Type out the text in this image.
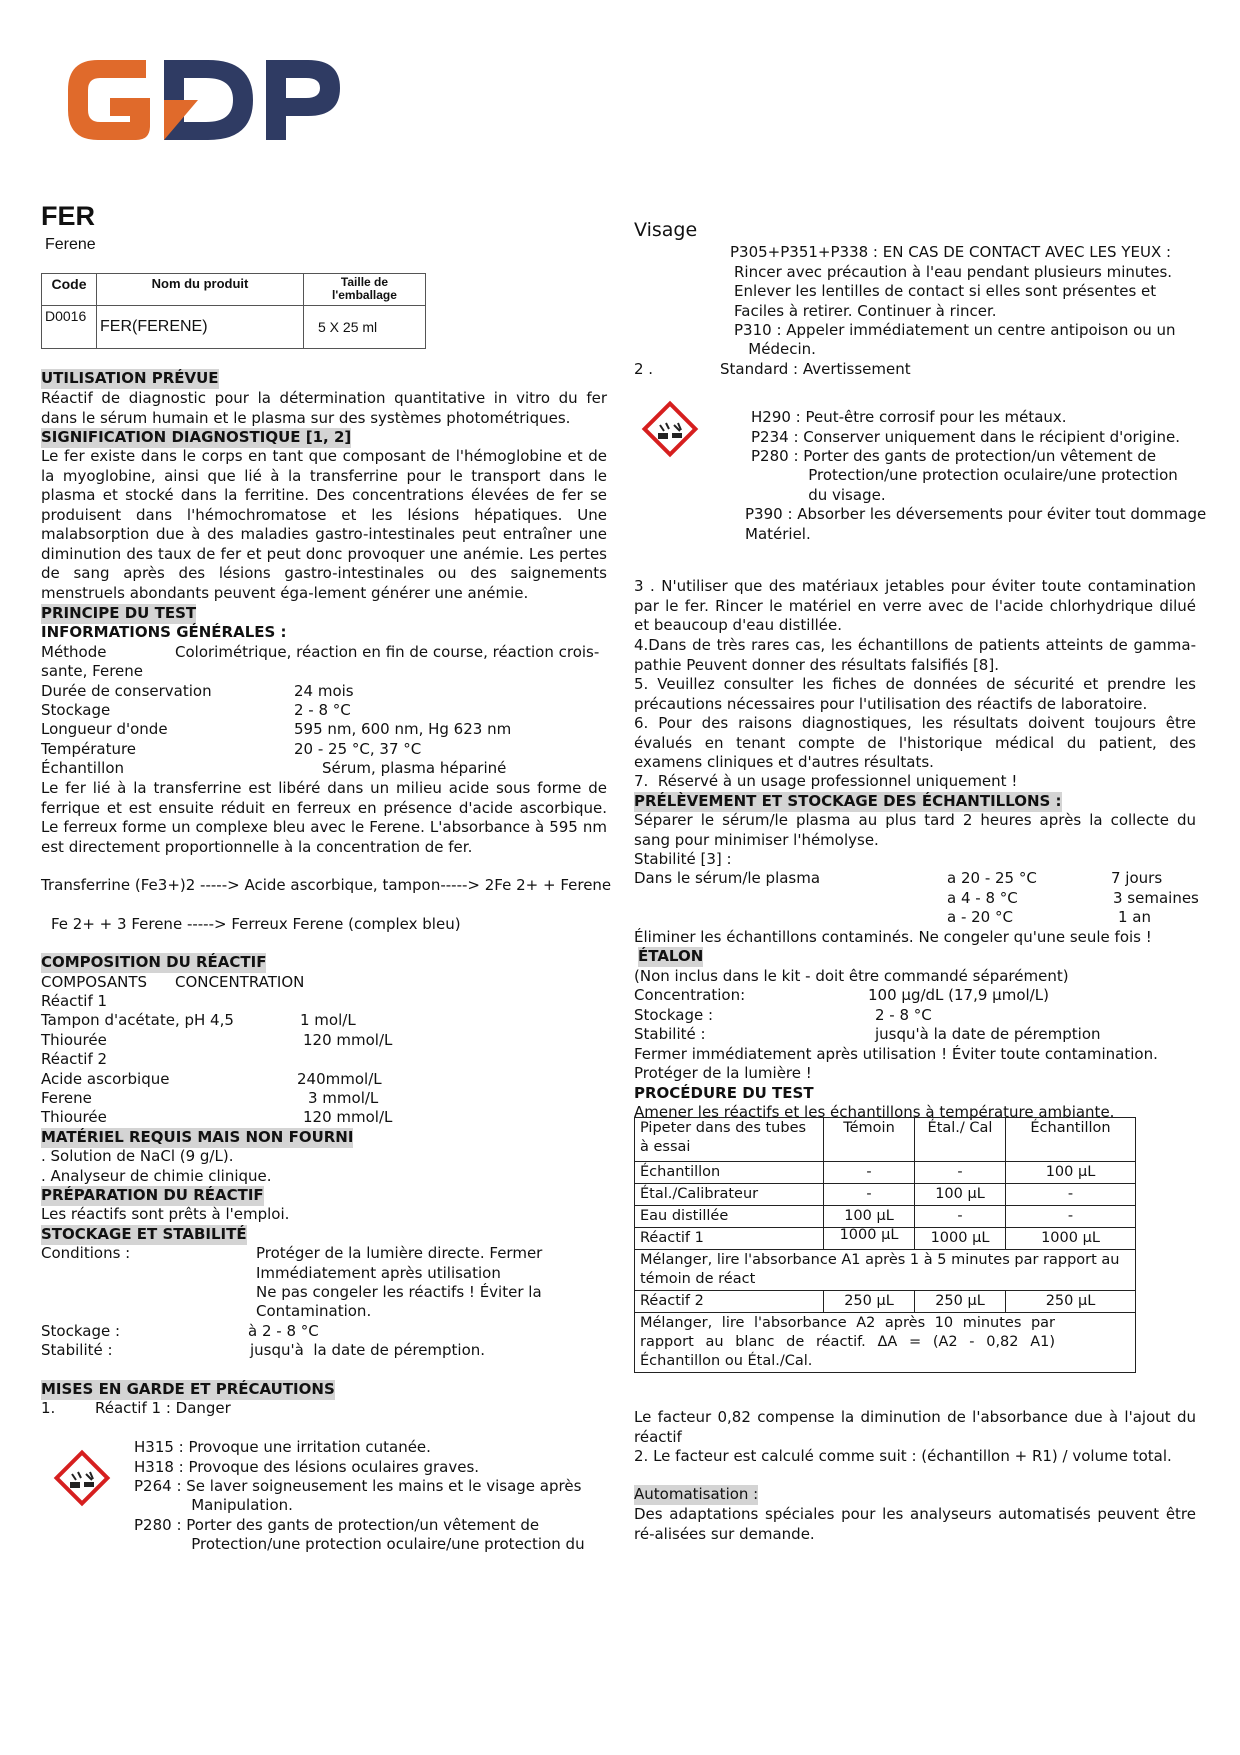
FER
Ferene
Code	Nom du produit	Taille de
l'emballage
D0016	FER(FERENE)	5 X 25 ml
UTILISATION PRÉVUE
Réactif de diagnostic pour la détermination quantitative in vitro du fer dans le sérum humain et le plasma sur des systèmes photométriques.
SIGNIFICATION DIAGNOSTIQUE [1, 2]
Le fer existe dans le corps en tant que composant de l'hémoglobine et de la myoglobine, ainsi que lié à la transferrine pour le transport dans le plasma et stocké dans la ferritine. Des concentrations élevées de fer se produisent dans l'hémochromatose et les lésions hépatiques. Une malabsorption due à des maladies gastro-intestinales peut entraîner une diminution des taux de fer et peut donc provoquer une anémie. Les pertes de sang après des lésions gastro-intestinales ou des saignements menstruels abondants peuvent éga-lement générer une anémie.
PRINCIPE DU TEST
INFORMATIONS GÉNÉRALES :
Méthode	Colorimétrique, réaction en fin de course, réaction crois-
sante, Ferene
Durée de conservation	24 mois
Stockage	2 - 8 °C
Longueur d'onde	595 nm, 600 nm, Hg 623 nm
Température	20 - 25 °C, 37 °C
Échantillon	Sérum, plasma hépariné
Le fer lié à la transferrine est libéré dans un milieu acide sous forme de ferrique et est ensuite réduit en ferreux en présence d'acide ascorbique. Le ferreux forme un complexe bleu avec le Ferene. L'absorbance à 595 nm est directement proportionnelle à la concentration de fer.
Transferrine (Fe3+)2 -----> Acide ascorbique, tampon-----> 2Fe 2+ + Ferene
Fe 2+ + 3 Ferene -----> Ferreux Ferene (complex bleu)
COMPOSITION DU RÉACTIF
COMPOSANTS CONCENTRATION
Réactif 1
Tampon d'acétate, pH 4,5	1 mol/L
Thiourée	120 mmol/L
Réactif 2
Acide ascorbique	240mmol/L
Ferene	3 mmol/L
Thiourée	120 mmol/L
MATÉRIEL REQUIS MAIS NON FOURNI
. Solution de NaCl (9 g/L).
. Analyseur de chimie clinique.
PRÉPARATION DU RÉACTIF
Les réactifs sont prêts à l'emploi.
STOCKAGE ET STABILITÉ
Conditions :	Protéger de la lumière directe. Fermer
Immédiatement après utilisation
Ne pas congeler les réactifs ! Éviter la
Contamination.
Stockage :	à 2 - 8 °C
Stabilité :	jusqu'à  la date de péremption.
MISES EN GARDE ET PRÉCAUTIONS
1.	Réactif 1 : Danger
H315 : Provoque une irritation cutanée.
H318 : Provoque des lésions oculaires graves.
P264 : Se laver soigneusement les mains et le visage après
Manipulation.
P280 : Porter des gants de protection/un vêtement de
Protection/une protection oculaire/une protection du
Visage
P305+P351+P338 : EN CAS DE CONTACT AVEC LES YEUX :
Rincer avec précaution à l'eau pendant plusieurs minutes.
Enlever les lentilles de contact si elles sont présentes et
Faciles à retirer. Continuer à rincer.
P310 : Appeler immédiatement un centre antipoison ou un
Médecin.
2 .	Standard : Avertissement
H290 : Peut-être corrosif pour les métaux.
P234 : Conserver uniquement dans le récipient d'origine.
P280 : Porter des gants de protection/un vêtement de
Protection/une protection oculaire/une protection
du visage.
P390 : Absorber les déversements pour éviter tout dommage
Matériel.
3 . N'utiliser que des matériaux jetables pour éviter toute contamination par le fer. Rincer le matériel en verre avec de l'acide chlorhydrique dilué et beaucoup d'eau distillée.
4.Dans de très rares cas, les échantillons de patients atteints de gamma-pathie Peuvent donner des résultats falsifiés [8].
5. Veuillez consulter les fiches de données de sécurité et prendre les précautions nécessaires pour l'utilisation des réactifs de laboratoire.
6. Pour des raisons diagnostiques, les résultats doivent toujours être évalués en tenant compte de l'historique médical du patient, des examens cliniques et d'autres résultats.
7.  Réservé à un usage professionnel uniquement !
PRÉLÈVEMENT ET STOCKAGE DES ÉCHANTILLONS :
Séparer le sérum/le plasma au plus tard 2 heures après la collecte du sang pour minimiser l'hémolyse.
Stabilité [3] :
Dans le sérum/le plasma	a 20 - 25 °C	7 jours
a 4 - 8 °C	3 semaines
a - 20 °C	1 an
Éliminer les échantillons contaminés. Ne congeler qu'une seule fois !
ÉTALON
(Non inclus dans le kit - doit être commandé séparément)
Concentration:	100 µg/dL (17,9 µmol/L)
Stockage :	2 - 8 °C
Stabilité :	jusqu'à la date de péremption
Fermer immédiatement après utilisation ! Éviter toute contamination.
Protéger de la lumière !
PROCÉDURE DU TEST
Amener les réactifs et les échantillons à température ambiante.
Pipeter dans des tubes à essai	Témoin	Étal./ Cal	Échantillon
Échantillon	-	-	100 µL
Étal./Calibrateur	-	100 µL	-
Eau distillée	100 µL	-	-
Réactif 1	1000 µL	1000 µL	1000 µL
Mélanger, lire l'absorbance A1 après 1 à 5 minutes par rapport au témoin de réact			
Réactif 2	250 µL	250 µL	250 µL
Mélanger, lire l'absorbance A2 après 10 minutes par rapport au blanc de réactif. ΔA = (A2 - 0,82 A1) Échantillon ou Étal./Cal.			
Le facteur 0,82 compense la diminution de l'absorbance due à l'ajout du réactif
2. Le facteur est calculé comme suit : (échantillon + R1) / volume total.
Automatisation :
Des adaptations spéciales pour les analyseurs automatisés peuvent être ré-alisées sur demande.
